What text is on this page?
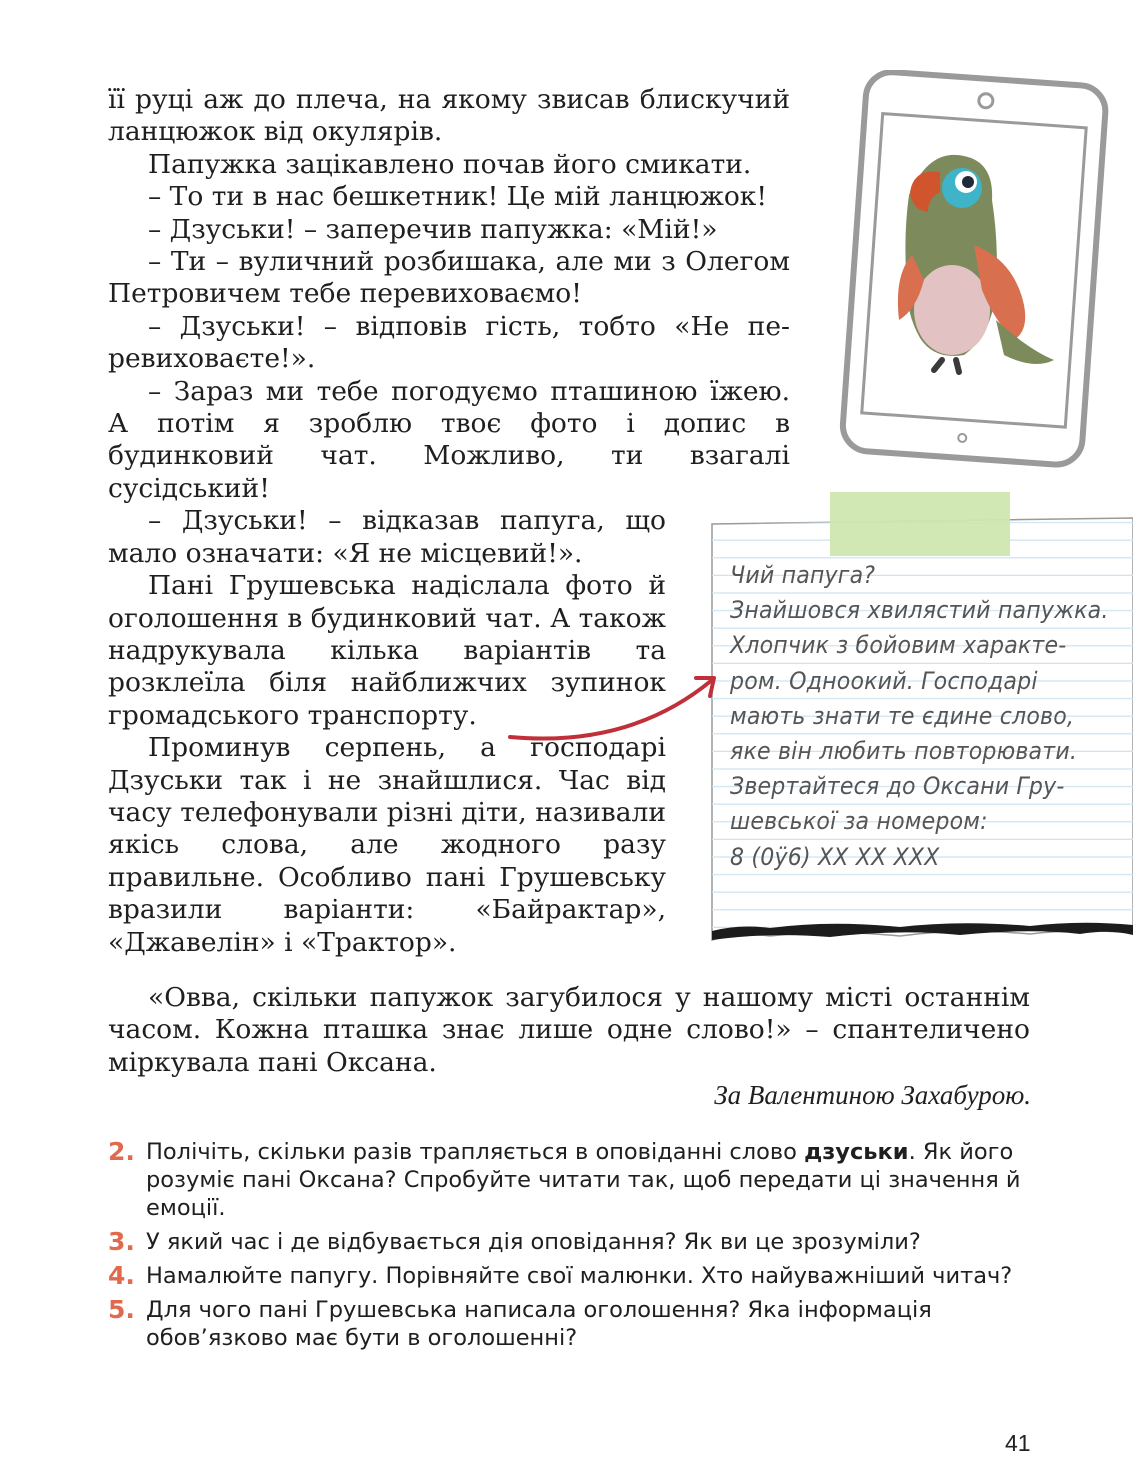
її руці аж до плеча, на якому звисав блискучий ланцюжок від окулярів.

Папужка зацікавлено почав його смикати.

– То ти в нас бешкетник! Це мій ланцюжок!

– Дзуськи! – заперечив папужка: «Мій!»

– Ти – вуличний розбишака, але ми з Олегом Петровичем тебе перевиховаємо!

– Дзуськи! – відповів гість, тобто «Не перевиховаєте!».

– Зараз ми тебе погодуємо пташиною їжею. А потім я зроблю твоє фото і допис в будинковий чат. Можливо, ти взагалі сусідський!

– Дзуськи! – відказав папуга, що мало означати: «Я не місцевий!».

Пані Грушевська надіслала фото й оголошення в будинковий чат. А також надрукувала кілька варіантів та розклеїла біля найближчих зупинок громадського транспорту.

Проминув серпень, а господарі Дзуськи так і не знайшлися. Час від часу телефонували різні діти, називали якісь слова, але жодного разу правильне. Особливо пані Грушевську вразили варіанти: «Байрактар», «Джавелін» і «Трактор».

«Овва, скільки папужок загубилося у нашому місті останнім часом. Кожна пташка знає лише одне слово!» – спантеличено міркувала пані Оксана.

За Валентиною Захабурою.
Чий папуга?
Знайшовся хвилястий папужка.
Хлопчик з бойовим характе-
ром. Одноокий. Господарі
мають знати те єдине слово,
яке він любить повторювати.
Звертайтеся до Оксани Гру-
шевської за номером:
8 (0ÿ6) XX XX XXX
2. Полічіть, скільки разів трапляється в оповіданні слово дзуськи. Як його розуміє пані Оксана? Спробуйте читати так, щоб передати ці значення й емоції.
3. У який час і де відбувається дія оповідання? Як ви це зрозуміли?
4. Намалюйте папугу. Порівняйте свої малюнки. Хто найуважніший читач?
5. Для чого пані Грушевська написала оголошення? Яка інформація обов’язково має бути в оголошенні?
41
